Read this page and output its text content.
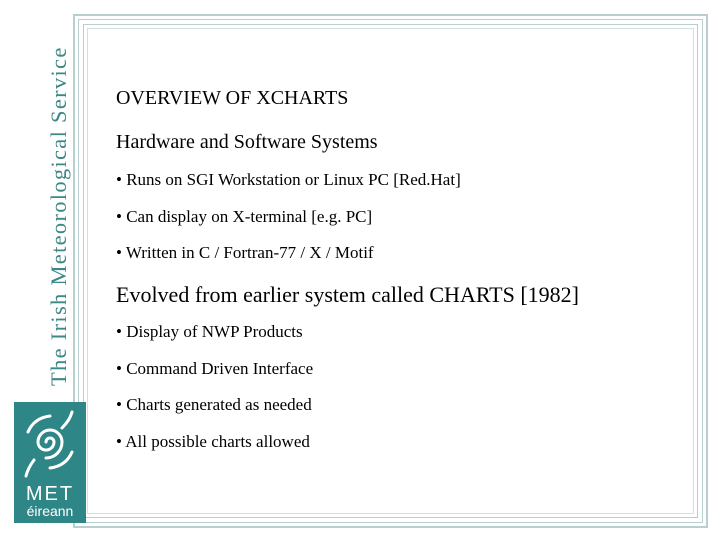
The Irish Meteorological Service
MET
éireann
OVERVIEW OF XCHARTS
Hardware and Software Systems
• Runs on SGI Workstation or Linux PC [Red.Hat]
• Can display on X-terminal [e.g. PC]
• Written in C / Fortran-77 / X / Motif
Evolved from earlier system called CHARTS [1982]
• Display of NWP Products
• Command Driven Interface
• Charts generated as needed
• All possible charts allowed
